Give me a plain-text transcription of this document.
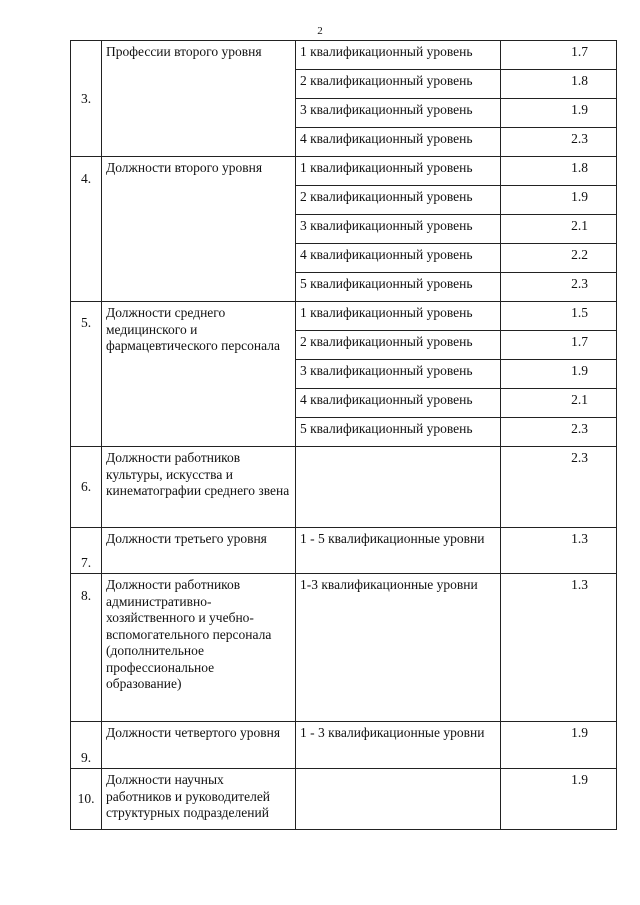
2
3.	Профессии второго уровня	1 квалификационный уровень	1.7
		2 квалификационный уровень	1.8
		3 квалификационный уровень	1.9
		4 квалификационный уровень	2.3
4.	Должности второго уровня	1 квалификационный уровень	1.8
		2 квалификационный уровень	1.9
		3 квалификационный уровень	2.1
		4 квалификационный уровень	2.2
		5 квалификационный уровень	2.3
5.	Должности среднего медицинского и фармацевтического персонала	1 квалификационный уровень	1.5
		2 квалификационный уровень	1.7
		3 квалификационный уровень	1.9
		4 квалификационный уровень	2.1
		5 квалификационный уровень	2.3
6.	Должности работников культуры, искусства и кинематографии среднего звена		2.3
7.	Должности третьего уровня	1 - 5 квалификационные уровни	1.3
8.	Должности работников административно-хозяйственного и учебно-вспомогательного персонала (дополнительное профессиональное образование)	1-3 квалификационные уровни	1.3
9.	Должности четвертого уровня	1 - 3 квалификационные уровни	1.9
10.	Должности научных работников и руководителей структурных подразделений		1.9
